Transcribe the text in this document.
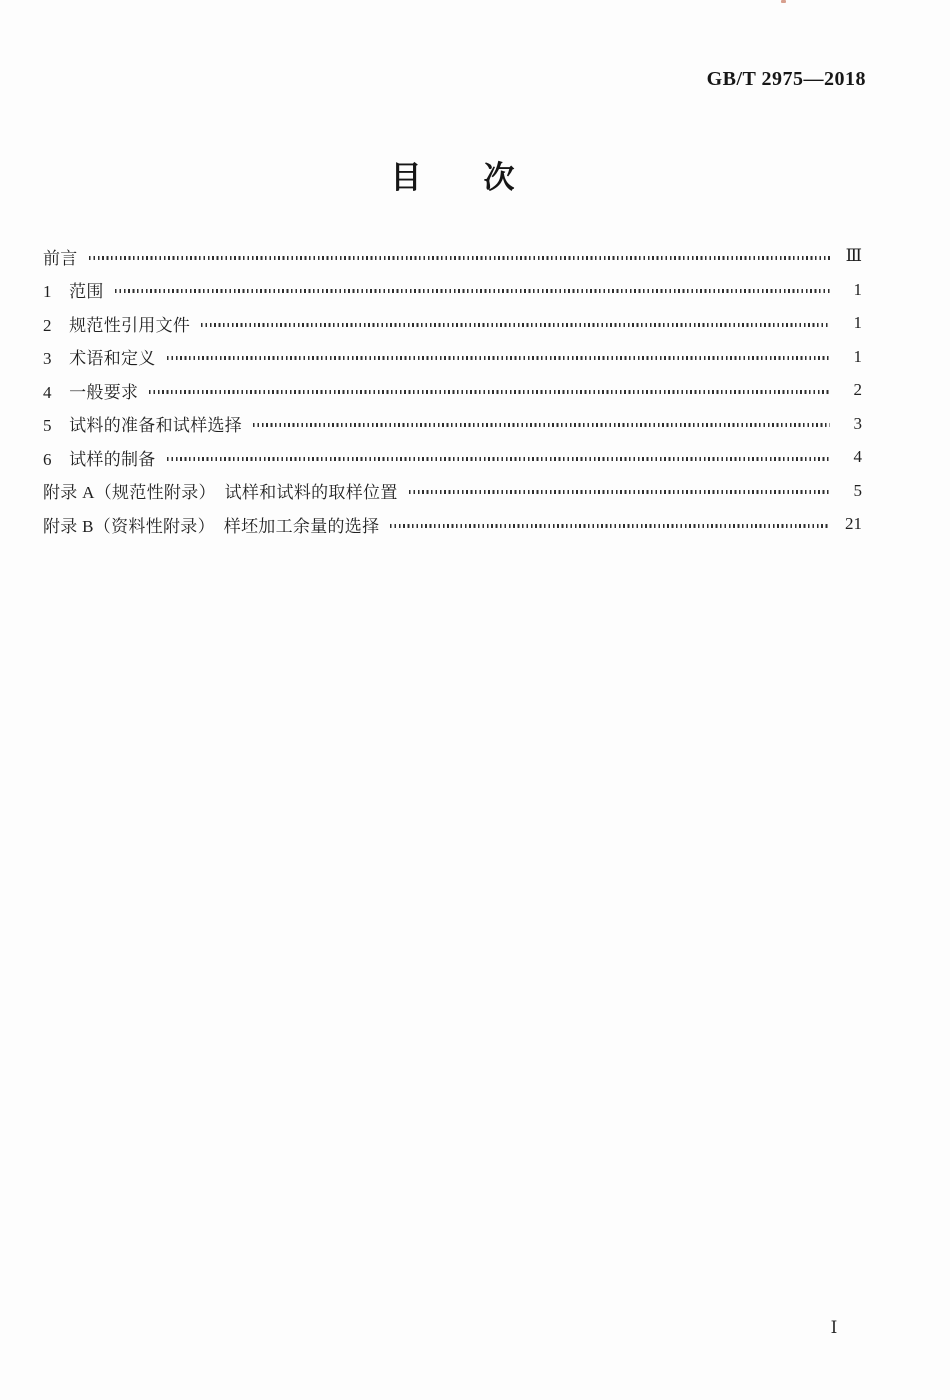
GB/T 2975—2018
目　　次
前言	Ⅲ
1　范围	1
2　规范性引用文件	1
3　术语和定义	1
4　一般要求	2
5　试料的准备和试样选择	3
6　试样的制备	4
附录 A（规范性附录）　试样和试料的取样位置	5
附录 B（资料性附录）　样坯加工余量的选择	21
Ⅰ
